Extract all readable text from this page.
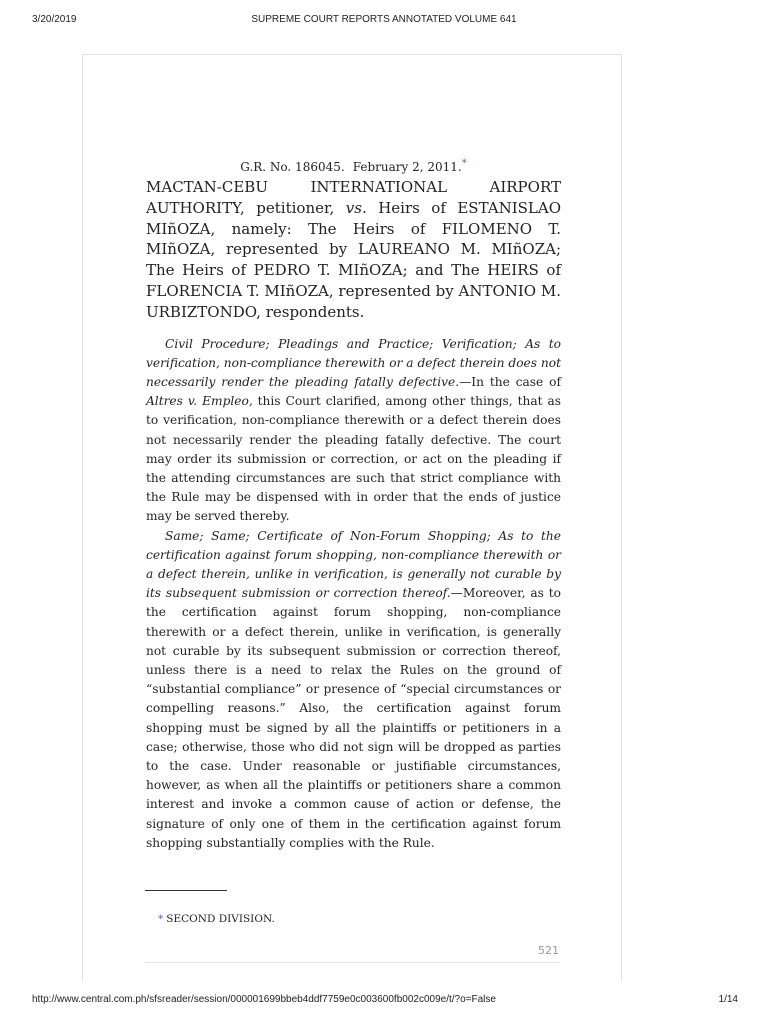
3/20/2019	SUPREME COURT REPORTS ANNOTATED VOLUME 641

G.R. No. 186045. February 2, 2011.*

MACTAN-CEBU INTERNATIONAL AIRPORT AUTHORITY, petitioner, vs. Heirs of ESTANISLAO MIñOZA, namely: The Heirs of FILOMENO T. MIñOZA, represented by LAUREANO M. MIñOZA; The Heirs of PEDRO T. MIñOZA; and The HEIRS of FLORENCIA T. MIñOZA, represented by ANTONIO M. URBIZTONDO, respondents.

Civil Procedure; Pleadings and Practice; Verification; As to verification, non-compliance therewith or a defect therein does not necessarily render the pleading fatally defective.—In the case of Altres v. Empleo, this Court clarified, among other things, that as to verification, non-compliance therewith or a defect therein does not necessarily render the pleading fatally defective. The court may order its submission or correction, or act on the pleading if the attending circumstances are such that strict compliance with the Rule may be dispensed with in order that the ends of justice may be served thereby.

Same; Same; Certificate of Non-Forum Shopping; As to the certification against forum shopping, non-compliance therewith or a defect therein, unlike in verification, is generally not curable by its subsequent submission or correction thereof.—Moreover, as to the certification against forum shopping, non-compliance therewith or a defect therein, unlike in verification, is generally not curable by its subsequent submission or correction thereof, unless there is a need to relax the Rules on the ground of “substantial compliance” or presence of “special circumstances or compelling reasons.” Also, the certification against forum shopping must be signed by all the plaintiffs or petitioners in a case; otherwise, those who did not sign will be dropped as parties to the case. Under reasonable or justifiable circumstances, however, as when all the plaintiffs or petitioners share a common interest and invoke a common cause of action or defense, the signature of only one of them in the certification against forum shopping substantially complies with the Rule.

* SECOND DIVISION.
521
http://www.central.com.ph/sfsreader/session/000001699bbeb4ddf7759e0c003600fb002c009e/t/?o=False	1/14
